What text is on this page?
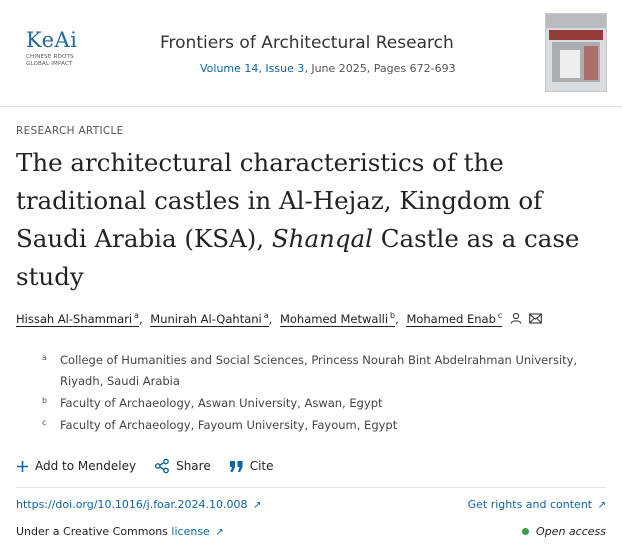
KeAi
CHINESE ROOTS
GLOBAL IMPACT
Frontiers of Architectural Research
Volume 14, Issue 3, June 2025, Pages 672-693
RESEARCH ARTICLE
The architectural characteristics of the traditional castles in Al-Hejaz, Kingdom of Saudi Arabia (KSA), Shanqal Castle as a case study
Hissah Al-Shammari $^a$, Munirah Al-Qahtani $^a$, Mohamed Metwalli $^b$, Mohamed Enab $^c$
a College of Humanities and Social Sciences, Princess Nourah Bint Abdelrahman University, Riyadh, Saudi Arabia
b Faculty of Archaeology, Aswan University, Aswan, Egypt
c Faculty of Archaeology, Fayoum University, Fayoum, Egypt
Add to Mendeley	Share	Cite
https://doi.org/10.1016/j.foar.2024.10.008 ↗	Get rights and content ↗
Under a Creative Commons license ↗	Open access
